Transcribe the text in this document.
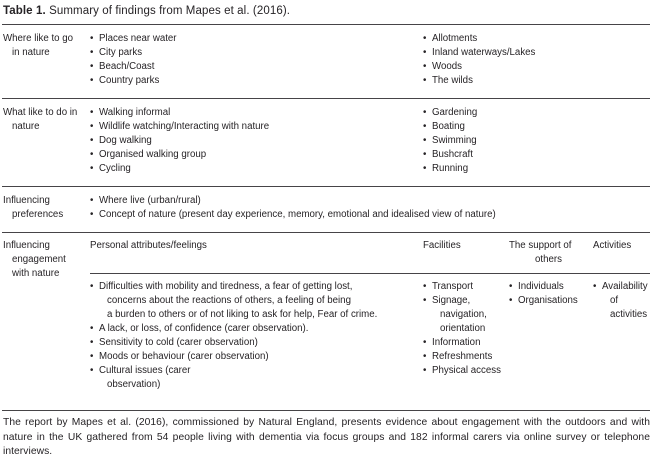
Table 1. Summary of findings from Mapes et al. (2016).
Where like to go
in nature
• Places near water
• City parks
• Beach/Coast
• Country parks
• Allotments
• Inland waterways/Lakes
• Woods
• The wilds
What like to do in
nature
• Walking informal
• Wildlife watching/Interacting with nature
• Dog walking
• Organised walking group
• Cycling
• Gardening
• Boating
• Swimming
• Bushcraft
• Running
Influencing
preferences
• Where live (urban/rural)
• Concept of nature (present day experience, memory, emotional and idealised view of nature)
Influencing
engagement
with nature
Personal attributes/feelings	Facilities	The support of
others
Activities
• Difficulties with mobility and tiredness, a fear of getting lost,
concerns about the reactions of others, a feeling of being
a burden to others or of not liking to ask for help, Fear of crime.
• A lack, or loss, of confidence (carer observation).
• Sensitivity to cold (carer observation)
• Moods or behaviour (carer observation)
• Cultural issues (carer
observation)
• Transport
• Signage,
navigation,
orientation
• Information
• Refreshments
• Physical access
• Individuals
• Organisations
• Availability
of
activities
The report by Mapes et al. (2016), commissioned by Natural England, presents evidence about engagement with the outdoors and with nature in the UK gathered from 54 people living with dementia via focus groups and 182 informal carers via online survey or telephone interviews.
